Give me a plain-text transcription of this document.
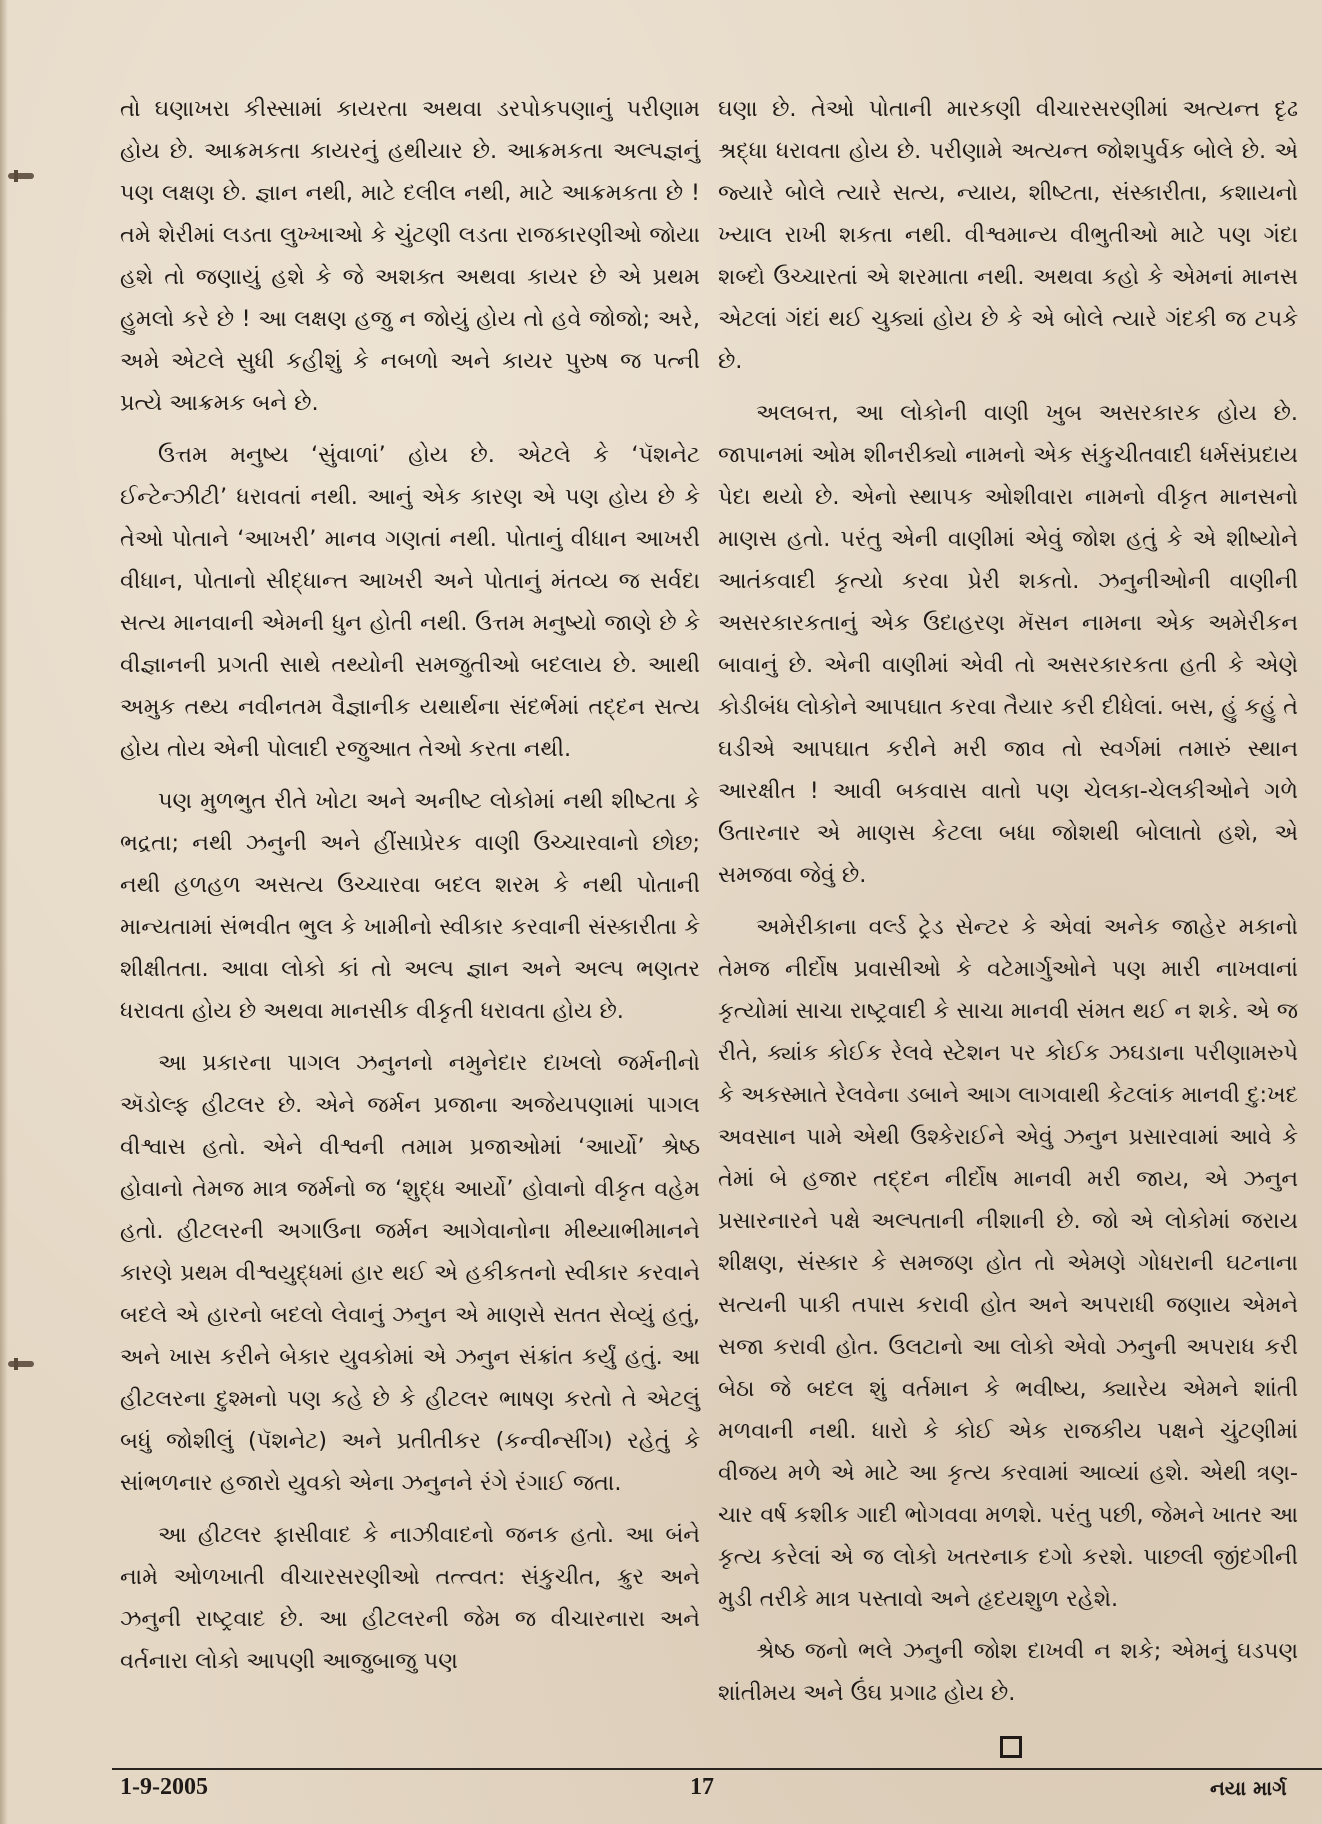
તો ઘણાખરા કીસ્સામાં કાયરતા અથવા ડરપોકપણાનું પરીણામ હોય છે. આક્રમકતા કાયરનું હથીયાર છે. આક્રમકતા અલ્પજ્ઞનું પણ લક્ષણ છે. જ્ઞાન નથી, માટે દલીલ નથી, માટે આક્રમકતા છે ! તમે શેરીમાં લડતા લુખ્ખાઓ કે ચુંટણી લડતા રાજકારણીઓ જોયા હશે તો જણાયું હશે કે જે અશક્ત અથવા કાયર છે એ પ્રથમ હુમલો કરે છે ! આ લક્ષણ હજુ ન જોયું હોય તો હવે જોજો; અરે, અમે એટલે સુધી કહીશું કે નબળો અને કાયર પુરુષ જ પત્ની પ્રત્યે આક્રમક બને છે.

ઉત્તમ મનુષ્ય ‘સુંવાળાં’ હોય છે. એટલે કે ‘પૅશનેટ ઈન્ટેન્ઝીટી’ ધરાવતાં નથી. આનું એક કારણ એ પણ હોય છે કે તેઓ પોતાને ‘આખરી’ માનવ ગણતાં નથી. પોતાનું વીધાન આખરી વીધાન, પોતાનો સીદ્ધાન્ત આખરી અને પોતાનું મંતવ્ય જ સર્વદા સત્ય માનવાની એમની ધુન હોતી નથી. ઉત્તમ મનુષ્યો જાણે છે કે વીજ્ઞાનની પ્રગતી સાથે તથ્યોની સમજુતીઓ બદલાય છે. આથી અમુક તથ્ય નવીનતમ વૈજ્ઞાનીક યથાર્થના સંદર્ભમાં તદ્દન સત્ય હોય તોય એની પોલાદી રજુઆત તેઓ કરતા નથી.

પણ મુળભુત રીતે ખોટા અને અનીષ્ટ લોકોમાં નથી શીષ્ટતા કે ભદ્રતા; નથી ઝનુની અને હીંસાપ્રેરક વાણી ઉચ્ચારવાનો છોછ; નથી હળહળ અસત્ય ઉચ્ચારવા બદલ શરમ કે નથી પોતાની માન્યતામાં સંભવીત ભુલ કે ખામીનો સ્વીકાર કરવાની સંસ્કારીતા કે શીક્ષીતતા. આવા લોકો કાં તો અલ્પ જ્ઞાન અને અલ્પ ભણતર ધરાવતા હોય છે અથવા માનસીક વીકૃતી ધરાવતા હોય છે.

આ પ્રકારના પાગલ ઝનુનનો નમુનેદાર દાખલો જર્મનીનો ઍડોલ્ફ હીટલર છે. એને જર્મન પ્રજાના અજેયપણામાં પાગલ વીશ્વાસ હતો. એને વીશ્વની તમામ પ્રજાઓમાં ‘આર્યો’ શ્રેષ્ઠ હોવાનો તેમજ માત્ર જર્મનો જ ‘શુદ્ધ આર્યો’ હોવાનો વીકૃત વહેમ હતો. હીટલરની અગાઉના જર્મન આગેવાનોના મીથ્યાભીમાનને કારણે પ્રથમ વીશ્વયુદ્ધમાં હાર થઈ એ હકીકતનો સ્વીકાર કરવાને બદલે એ હારનો બદલો લેવાનું ઝનુન એ માણસે સતત સેવ્યું હતું, અને ખાસ કરીને બેકાર યુવકોમાં એ ઝનુન સંક્રાંત કર્યું હતું. આ હીટલરના દુશ્મનો પણ કહે છે કે હીટલર ભાષણ કરતો તે એટલું બધું જોશીલું (પૅશનેટ) અને પ્રતીતીકર (કન્વીન્સીંગ) રહેતું કે સાંભળનાર હજારો યુવકો એના ઝનુનને રંગે રંગાઈ જતા.

આ હીટલર ફાસીવાદ કે નાઝીવાદનો જનક હતો. આ બંને નામે ઓળખાતી વીચારસરણીઓ તત્ત્વત: સંકુચીત, ક્રુર અને ઝનુની રાષ્ટ્રવાદ છે. આ હીટલરની જેમ જ વીચારનારા અને વર્તનારા લોકો આપણી આજુબાજુ પણ

ઘણા છે. તેઓ પોતાની મારકણી વીચારસરણીમાં અત્યન્ત દૃઢ શ્રદ્ધા ધરાવતા હોય છે. પરીણામે અત્યન્ત જોશપુર્વક બોલે છે. એ જ્યારે બોલે ત્યારે સત્ય, ન્યાય, શીષ્ટતા, સંસ્કારીતા, કશાયનો ખ્યાલ રાખી શકતા નથી. વીશ્વમાન્ય વીભુતીઓ માટે પણ ગંદા શબ્દો ઉચ્ચારતાં એ શરમાતા નથી. અથવા કહો કે એમનાં માનસ એટલાં ગંદાં થઈ ચુક્યાં હોય છે કે એ બોલે ત્યારે ગંદકી જ ટપકે છે.

અલબત્ત, આ લોકોની વાણી ખુબ અસરકારક હોય છે. જાપાનમાં ઓમ શીનરીક્યો નામનો એક સંકુચીતવાદી ધર્મસંપ્રદાય પેદા થયો છે. એનો સ્થાપક ઓશીવારા નામનો વીકૃત માનસનો માણસ હતો. પરંતુ એની વાણીમાં એવું જોશ હતું કે એ શીષ્યોને આતંકવાદી કૃત્યો કરવા પ્રેરી શકતો. ઝનુનીઓની વાણીની અસરકારકતાનું એક ઉદાહરણ મૅસન નામના એક અમેરીકન બાવાનું છે. એની વાણીમાં એવી તો અસરકારકતા હતી કે એણે કોડીબંધ લોકોને આપઘાત કરવા તૈયાર કરી દીધેલાં. બસ, હું કહું તે ઘડીએ આપઘાત કરીને મરી જાવ તો સ્વર્ગમાં તમારું સ્થાન આરક્ષીત ! આવી બકવાસ વાતો પણ ચેલકા-ચેલકીઓને ગળે ઉતારનાર એ માણસ કેટલા બધા જોશથી બોલાતો હશે, એ સમજવા જેવું છે.

અમેરીકાના વર્લ્ડ ટ્રેડ સેન્ટર કે એવાં અનેક જાહેર મકાનો તેમજ નીર્દોષ પ્રવાસીઓ કે વટેમાર્ગુઓને પણ મારી નાખવાનાં કૃત્યોમાં સાચા રાષ્ટ્રવાદી કે સાચા માનવી સંમત થઈ ન શકે. એ જ રીતે, ક્યાંક કોઈક રેલવે સ્ટેશન પર કોઈક ઝઘડાના પરીણામરુપે કે અકસ્માતે રેલવેના ડબાને આગ લાગવાથી કેટલાંક માનવી દુ:ખદ અવસાન પામે એથી ઉશ્કેરાઈને એવું ઝનુન પ્રસારવામાં આવે કે તેમાં બે હજાર તદ્દન નીર્દોષ માનવી મરી જાય, એ ઝનુન પ્રસારનારને પક્ષે અલ્પતાની નીશાની છે. જો એ લોકોમાં જરાય શીક્ષણ, સંસ્કાર કે સમજણ હોત તો એમણે ગોધરાની ઘટનાના સત્યની પાકી તપાસ કરાવી હોત અને અપરાધી જણાય એમને સજા કરાવી હોત. ઉલટાનો આ લોકો એવો ઝનુની અપરાધ કરી બેઠા જે બદલ શું વર્તમાન કે ભવીષ્ય, ક્યારેય એમને શાંતી મળવાની નથી. ધારો કે કોઈ એક રાજકીય પક્ષને ચુંટણીમાં વીજય મળે એ માટે આ કૃત્ય કરવામાં આવ્યાં હશે. એથી ત્રણ-ચાર વર્ષ કશીક ગાદી ભોગવવા મળશે. પરંતુ પછી, જેમને ખાતર આ કૃત્ય કરેલાં એ જ લોકો ખતરનાક દગો કરશે. પાછલી જીંદગીની મુડી તરીકે માત્ર પસ્તાવો અને હૃદયશુળ રહેશે.

શ્રેષ્ઠ જનો ભલે ઝનુની જોશ દાખવી ન શકે; એમનું ઘડપણ શાંતીમય અને ઉંઘ પ્રગાઢ હોય છે.

1-9-2005	17	નયા માર્ગ
